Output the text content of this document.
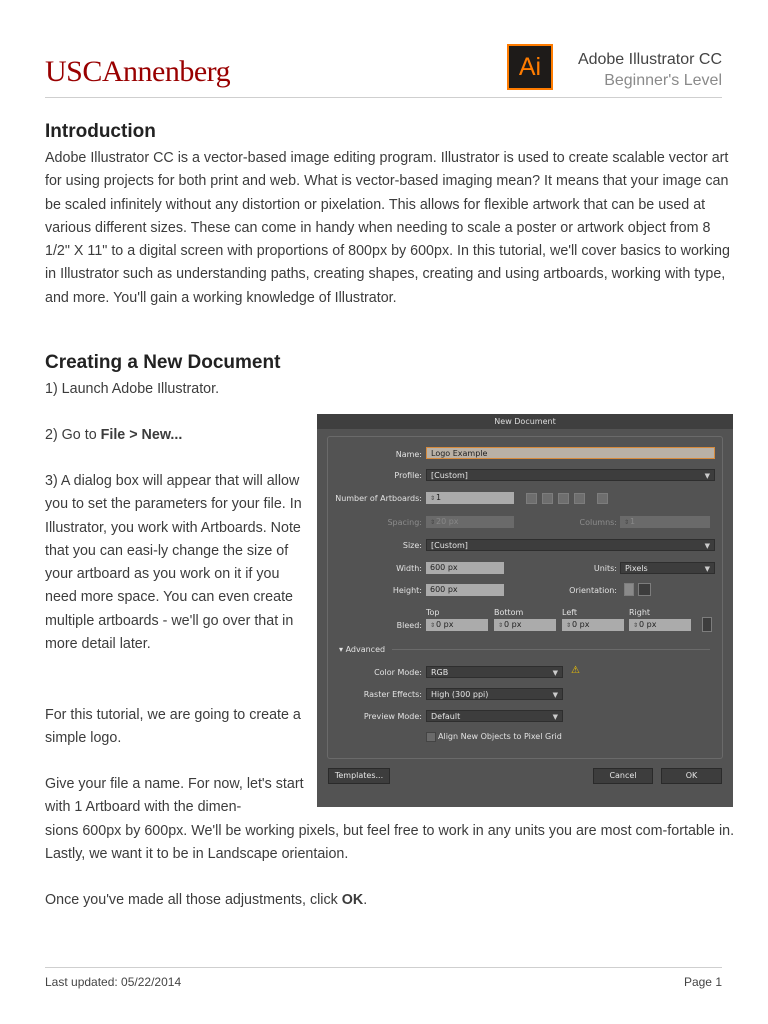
USCAnnenberg	Ai	Adobe Illustrator CC
Beginner's Level
Introduction

Adobe Illustrator CC is a vector-based image editing program. Illustrator is used to create scalable vector art for using projects for both print and web. What is vector-based imaging mean? It means that your image can be scaled infinitely without any distortion or pixelation. This allows for flexible artwork that can be used at various different sizes. These can come in handy when needing to scale a poster or artwork object from 8 1/2" X 11" to a digital screen with proportions of 800px by 600px. In this tutorial, we'll cover basics to working in Illustrator such as understanding paths, creating shapes, creating and using artboards, working with type, and more. You'll gain a working knowledge of Illustrator.

Creating a New Document

1) Launch Adobe Illustrator.

2) Go to File > New...

3) A dialog box will appear that will allow you to set the parameters for your file. In Illustrator, you work with Artboards. Note that you can easi-ly change the size of your artboard as you work on it if you need more space. You can even create multiple artboards - we'll go over that in more detail later.

For this tutorial, we are going to create a simple logo.

Give your file a name. For now, let's start with 1 Artboard with the dimen-

sions 600px by 600px. We'll be working pixels, but feel free to work in any units you are most com-fortable in. Lastly, we want it to be in Landscape orientaion.

Once you've made all those adjustments, click OK.

New Document
Name:	Logo Example
Profile:	[Custom]	▼
Number of Artboards:	⇕1
Spacing:	⇕20 px	Columns:	⇕1
Size:	[Custom]	▼
Width:	600 px	Units:	Pixels	▼
Height:	600 px	Orientation:
Top	Bottom	Left	Right
Bleed:	⇕0 px	⇕0 px	⇕0 px	⇕0 px
▾ Advanced
Color Mode:	RGB	▼ ⚠
Raster Effects:	High (300 ppi)	▼
Preview Mode:	Default	▼
Align New Objects to Pixel Grid
Templates...	Cancel	OK
Last updated: 05/22/2014	Page 1
